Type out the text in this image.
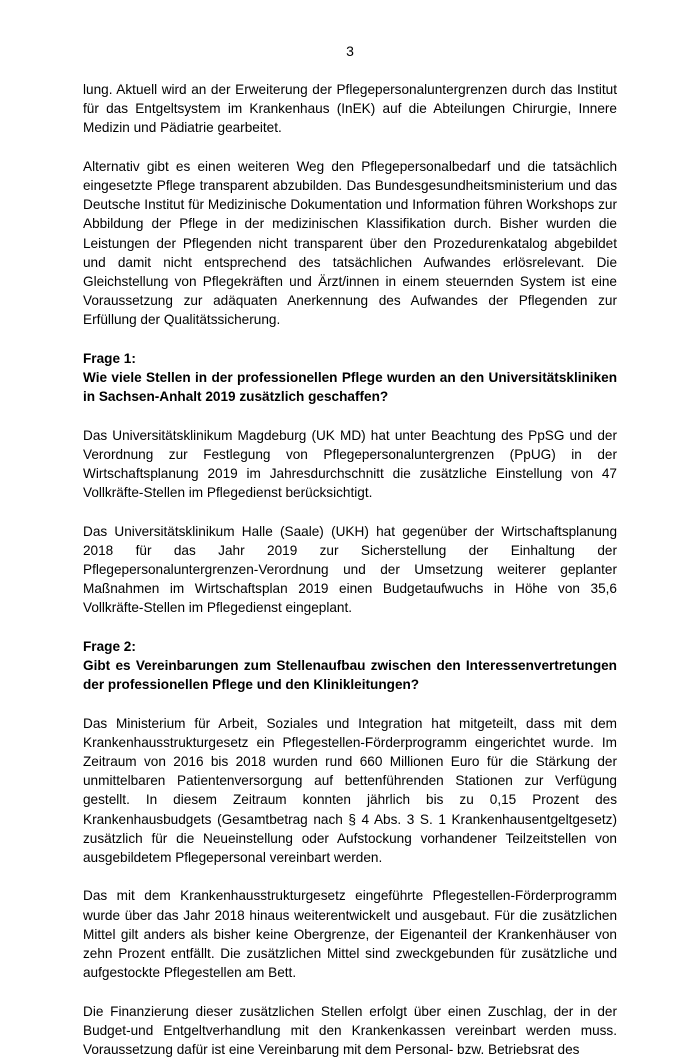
3

lung. Aktuell wird an der Erweiterung der Pflegepersonaluntergrenzen durch das Institut für das Entgeltsystem im Krankenhaus (InEK) auf die Abteilungen Chirurgie, Innere Medizin und Pädiatrie gearbeitet.

Alternativ gibt es einen weiteren Weg den Pflegepersonalbedarf und die tatsächlich eingesetzte Pflege transparent abzubilden. Das Bundesgesundheitsministerium und das Deutsche Institut für Medizinische Dokumentation und Information führen Workshops zur Abbildung der Pflege in der medizinischen Klassifikation durch. Bisher wurden die Leistungen der Pflegenden nicht transparent über den Prozedurenkatalog abgebildet und damit nicht entsprechend des tatsächlichen Aufwandes erlösrelevant. Die Gleichstellung von Pflegekräften und Ärzt/innen in einem steuernden System ist eine Voraussetzung zur adäquaten Anerkennung des Aufwandes der Pflegenden zur Erfüllung der Qualitätssicherung.

Frage 1:

Wie viele Stellen in der professionellen Pflege wurden an den Universitätskliniken in Sachsen-Anhalt 2019 zusätzlich geschaffen?

Das Universitätsklinikum Magdeburg (UK MD) hat unter Beachtung des PpSG und der Verordnung zur Festlegung von Pflegepersonaluntergrenzen (PpUG) in der Wirtschaftsplanung 2019 im Jahresdurchschnitt die zusätzliche Einstellung von 47 Vollkräfte-Stellen im Pflegedienst berücksichtigt.

Das Universitätsklinikum Halle (Saale) (UKH) hat gegenüber der Wirtschaftsplanung 2018 für das Jahr 2019 zur Sicherstellung der Einhaltung der Pflegepersonaluntergrenzen-Verordnung und der Umsetzung weiterer geplanter Maßnahmen im Wirtschaftsplan 2019 einen Budgetaufwuchs in Höhe von 35,6 Vollkräfte-Stellen im Pflegedienst eingeplant.

Frage 2:

Gibt es Vereinbarungen zum Stellenaufbau zwischen den Interessenvertretungen der professionellen Pflege und den Klinikleitungen?

Das Ministerium für Arbeit, Soziales und Integration hat mitgeteilt, dass mit dem Krankenhausstrukturgesetz ein Pflegestellen-Förderprogramm eingerichtet wurde. Im Zeitraum von 2016 bis 2018 wurden rund 660 Millionen Euro für die Stärkung der unmittelbaren Patientenversorgung auf bettenführenden Stationen zur Verfügung gestellt. In diesem Zeitraum konnten jährlich bis zu 0,15 Prozent des Krankenhausbudgets (Gesamtbetrag nach § 4 Abs. 3 S. 1 Krankenhausentgeltgesetz) zusätzlich für die Neueinstellung oder Aufstockung vorhandener Teilzeitstellen von ausgebildetem Pflegepersonal vereinbart werden.

Das mit dem Krankenhausstrukturgesetz eingeführte Pflegestellen-Förderprogramm wurde über das Jahr 2018 hinaus weiterentwickelt und ausgebaut. Für die zusätzlichen Mittel gilt anders als bisher keine Obergrenze, der Eigenanteil der Krankenhäuser von zehn Prozent entfällt. Die zusätzlichen Mittel sind zweckgebunden für zusätzliche und aufgestockte Pflegestellen am Bett.

Die Finanzierung dieser zusätzlichen Stellen erfolgt über einen Zuschlag, der in der Budget-und Entgeltverhandlung mit den Krankenkassen vereinbart werden muss. Voraussetzung dafür ist eine Vereinbarung mit dem Personal- bzw. Betriebsrat des
